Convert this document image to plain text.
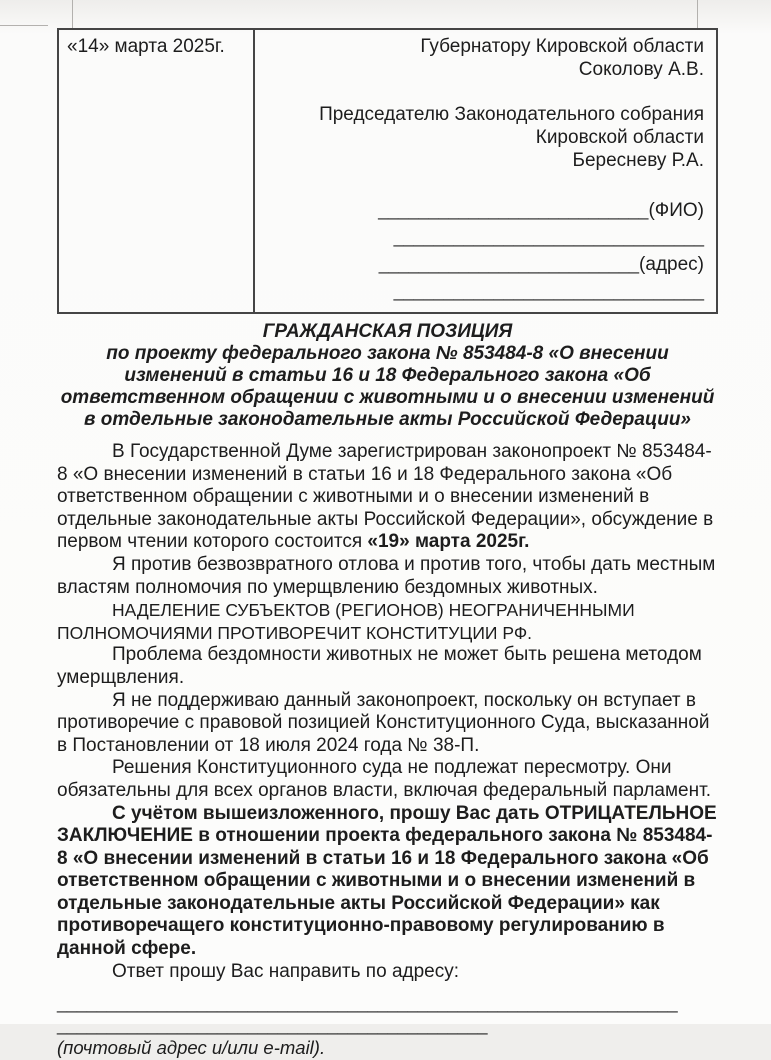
«14» марта 2025г.	Губернатору Кировской области
Соколову А.В.
Председателю Законодательного собрания
Кировской области
Бересневу Р.А.
___________________________(ФИО)
_______________________________
__________________________(адрес)
_______________________________
ГРАЖДАНСКАЯ ПОЗИЦИЯ
по проекту федерального закона № 853484-8 «О внесении изменений в статьи 16 и 18 Федерального закона «Об ответственном обращении с животными и о внесении изменений в отдельные законодательные акты Российской Федерации»

В Государственной Думе зарегистрирован законопроект № 853484-8 «О внесении изменений в статьи 16 и 18 Федерального закона «Об ответственном обращении с животными и о внесении изменений в отдельные законодательные акты Российской Федерации», обсуждение в первом чтении которого состоится «19» марта 2025г.

Я против безвозвратного отлова и против того, чтобы дать местным властям полномочия по умерщвлению бездомных животных.

НАДЕЛЕНИЕ СУБЪЕКТОВ (РЕГИОНОВ) НЕОГРАНИЧЕННЫМИ ПОЛНОМОЧИЯМИ ПРОТИВОРЕЧИТ КОНСТИТУЦИИ РФ.

Проблема бездомности животных не может быть решена методом умерщвления.

Я не поддерживаю данный законопроект, поскольку он вступает в противоречие с правовой позицией Конституционного Суда, высказанной в Постановлении от 18 июля 2024 года № 38-П.

Решения Конституционного суда не подлежат пересмотру. Они обязательны для всех органов власти, включая федеральный парламент.

С учётом вышеизложенного, прошу Вас дать ОТРИЦАТЕЛЬНОЕ ЗАКЛЮЧЕНИЕ в отношении проекта федерального закона № 853484-8 «О внесении изменений в статьи 16 и 18 Федерального закона «Об ответственном обращении с животными и о внесении изменений в отдельные законодательные акты Российской Федерации» как противоречащего конституционно-правовому регулированию в данной сфере.

Ответ прошу Вас направить по адресу:

______________________________________________________________
___________________________________________
(почтовый адрес и/или e-mail).
